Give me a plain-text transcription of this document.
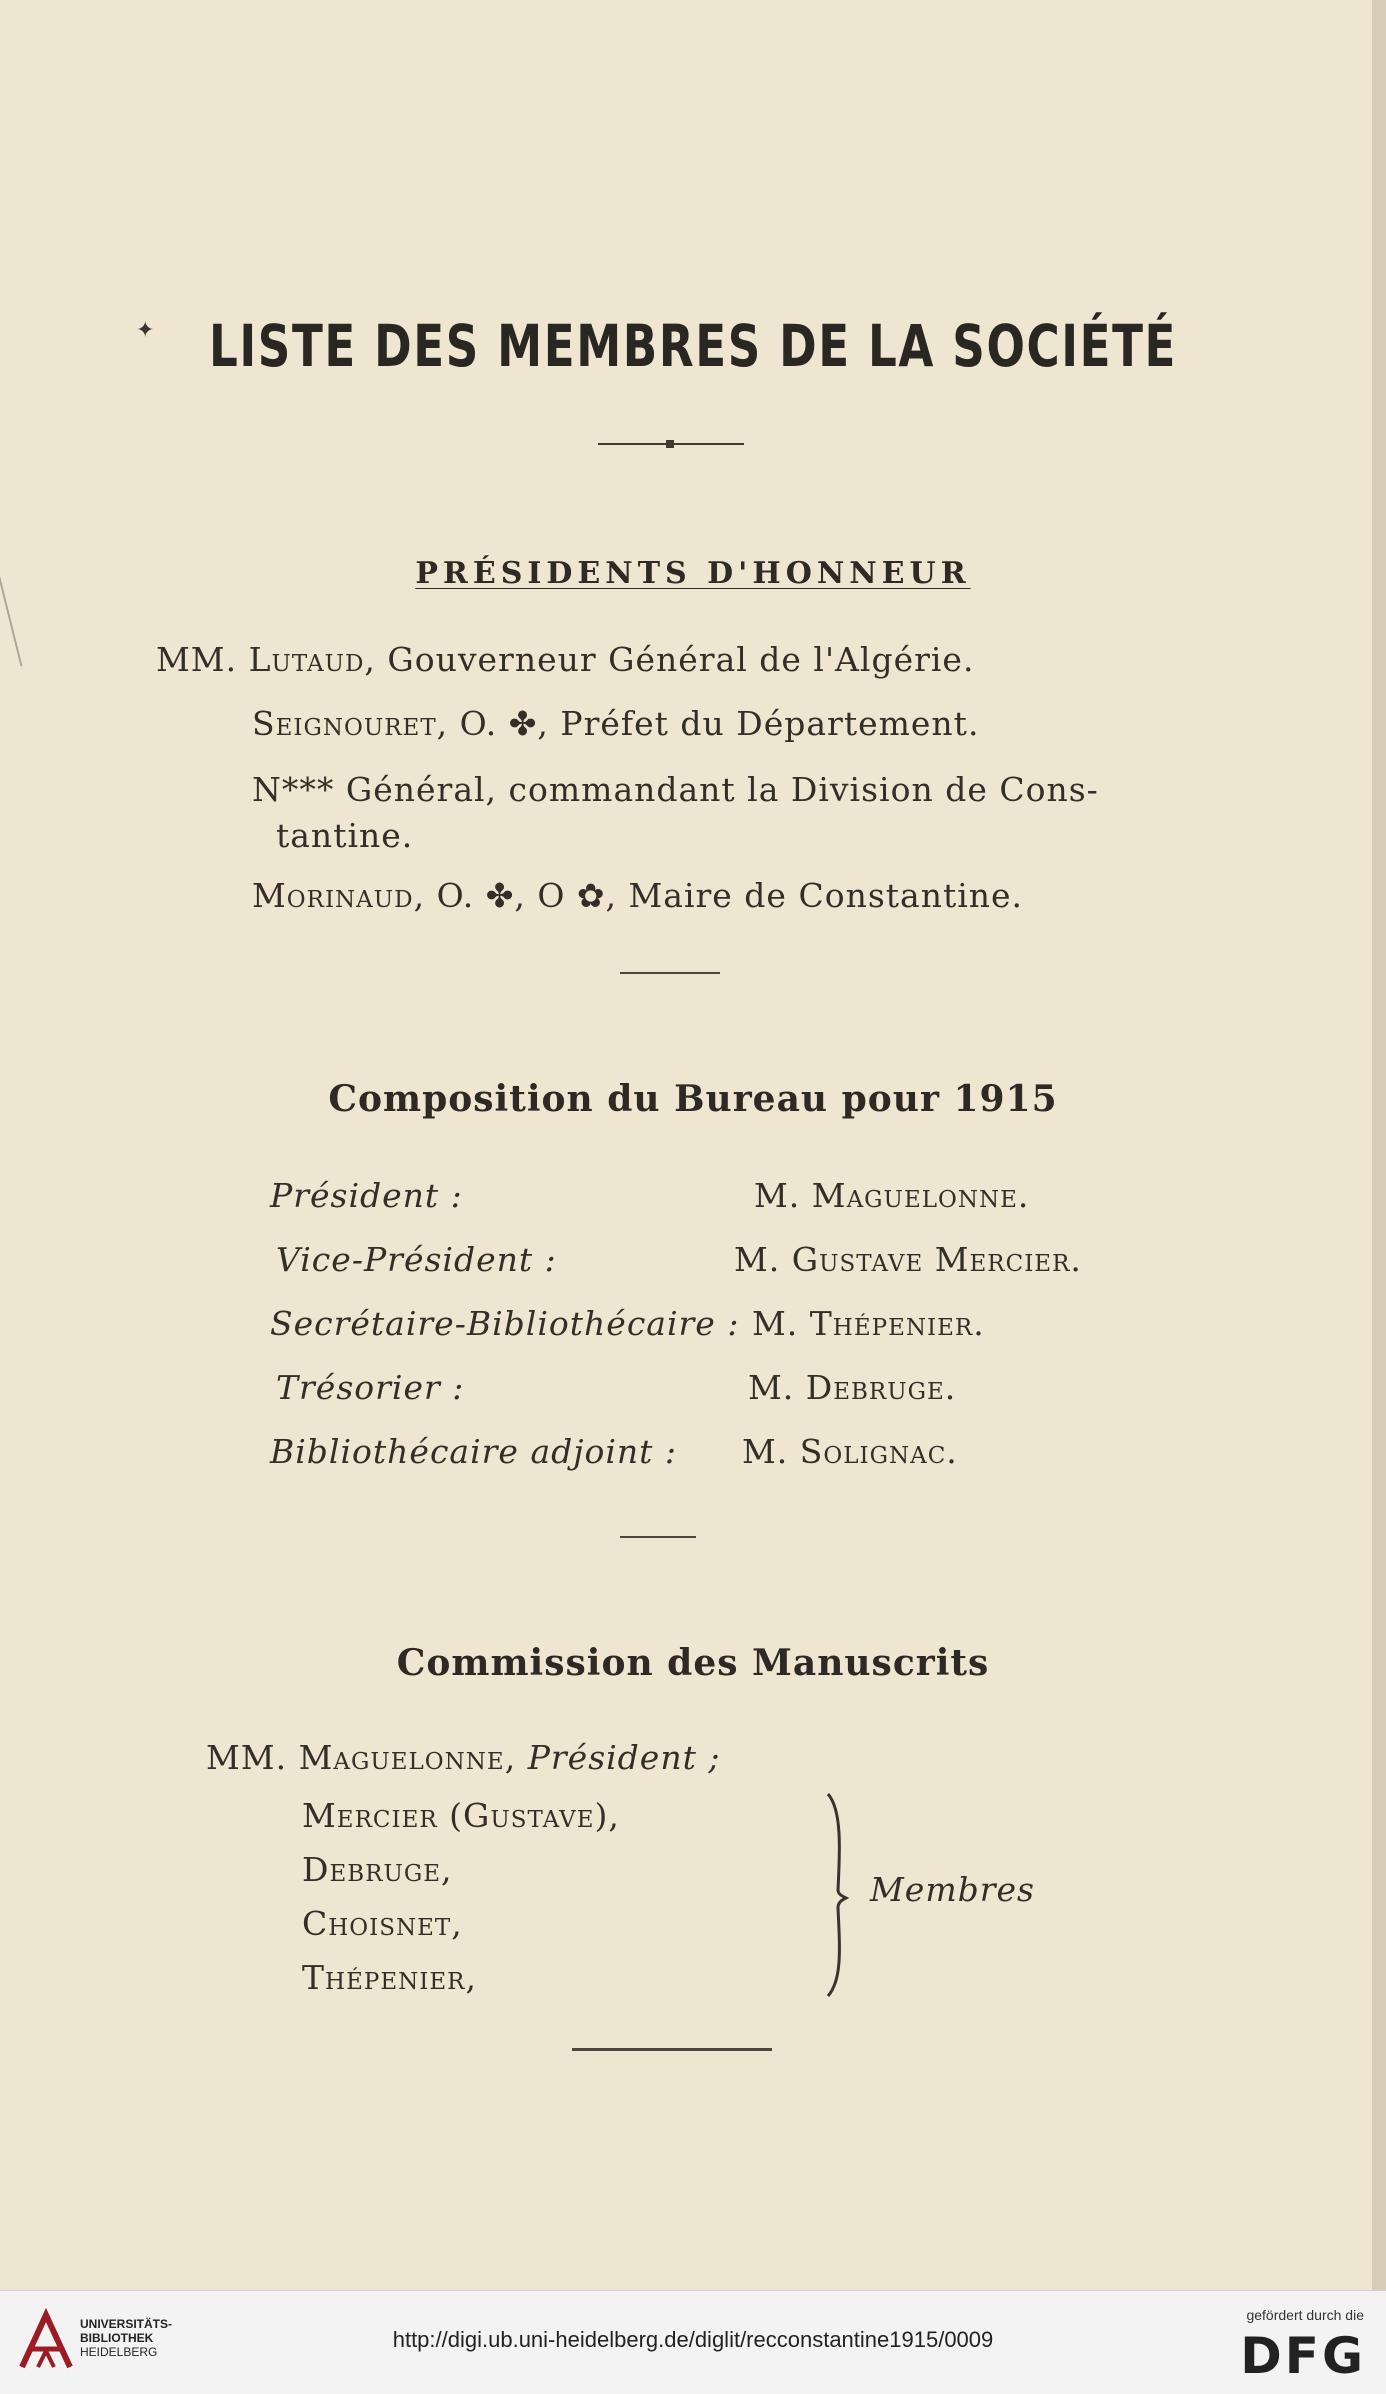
✦ LISTE DES MEMBRES DE LA SOCIÉTÉ
PRÉSIDENTS D'HONNEUR
MM. Lutaud, Gouverneur Général de l'Algérie.
Seignouret, O. ✤, Préfet du Département.
N*** Général, commandant la Division de Cons-
tantine.
Morinaud, O. ✤, O ✿, Maire de Constantine.
Composition du Bureau pour 1915
Président :	M. Maguelonne.
Vice-Président :	M. Gustave Mercier.
Secrétaire-Bibliothécaire : M. Thépenier.
Trésorier :	M. Debruge.
Bibliothécaire adjoint : M. Solignac.
Commission des Manuscrits
MM. Maguelonne, Président ;
Mercier (Gustave),
Debruge,
Choisnet,
Thépenier,
Membres
UNIVERSITÄTS-
BIBLIOTHEK
HEIDELBERG	http://digi.ub.uni-heidelberg.de/diglit/recconstantine1915/0009
gefördert durch die
DFG
